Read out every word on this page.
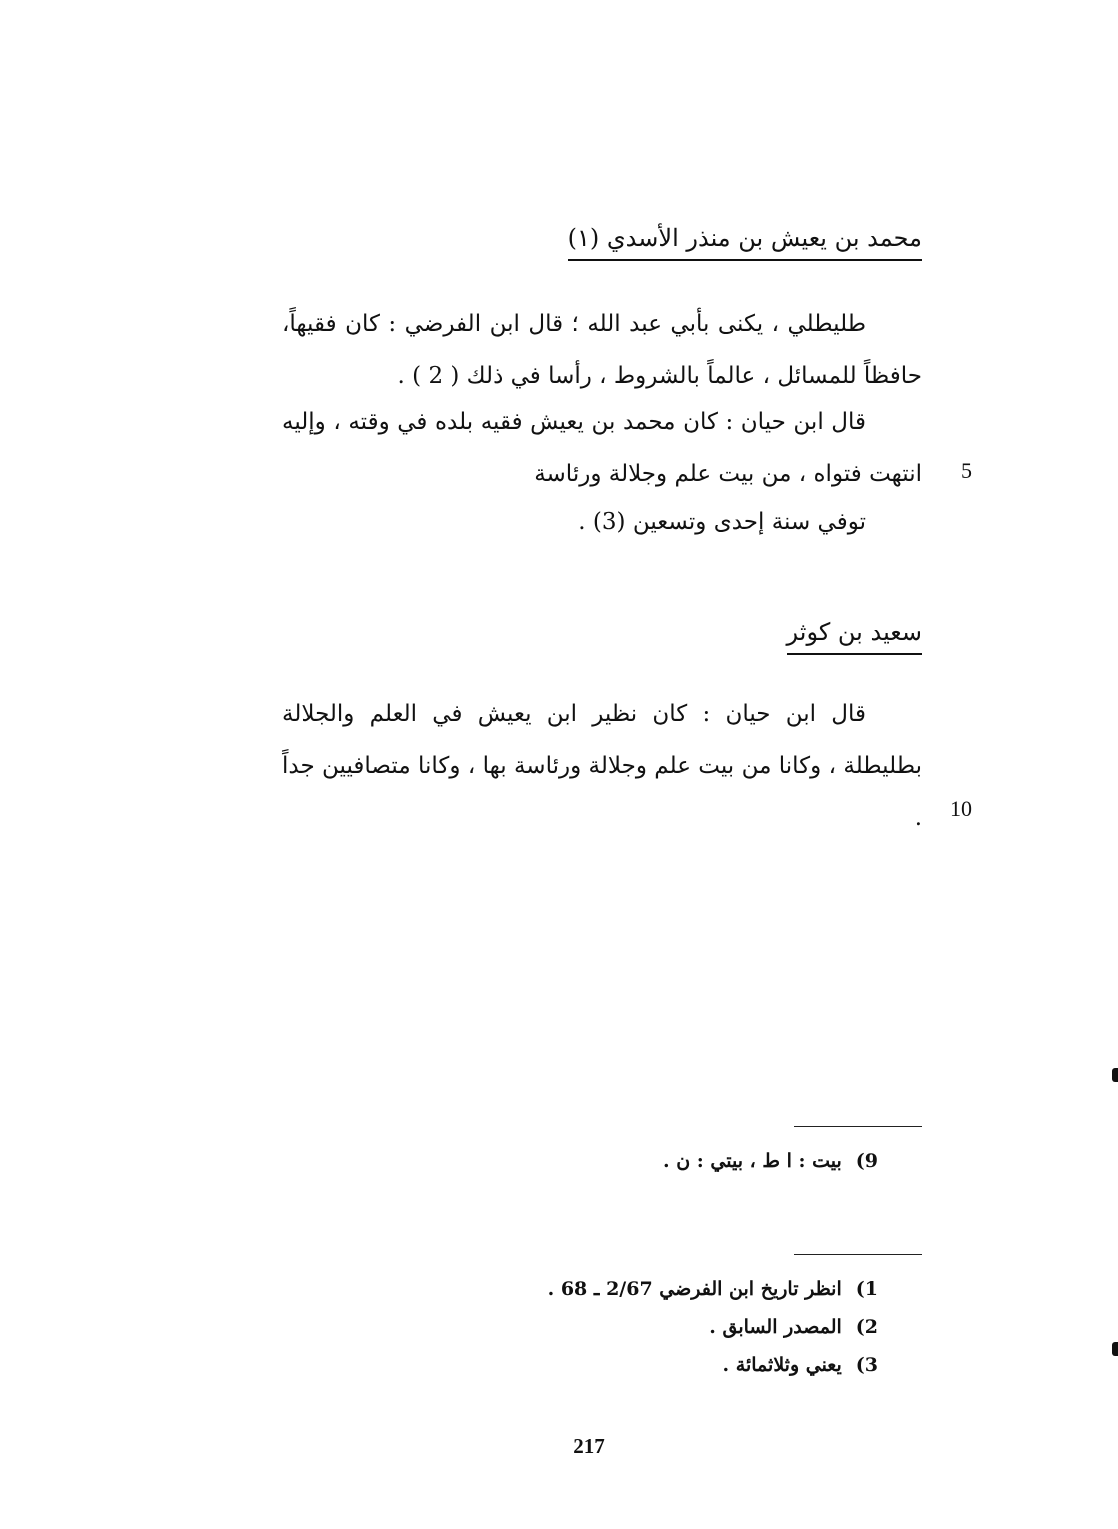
محمد بن يعيش بن منذر الأسدي (۱)

طليطلي ، يكنى بأبي عبد الله ؛ قال ابن الفرضي : كان فقيهاً، حافظاً للمسائل ، عالماً بالشروط ، رأسا في ذلك ( 2 ) .

قال ابن حيان : كان محمد بن يعيش فقيه بلده في وقته ، وإليه انتهت فتواه ، من بيت علم وجلالة ورئاسة

توفي سنة إحدى وتسعين (3) .

5
سعيد بن كوثر

قال ابن حيان : كان نظير ابن يعيش في العلم والجلالة بطليطلة ، وكانا من بيت علم وجلالة ورئاسة بها ، وكانا متصافيين جداً . 10
9)بيت : ا ط ، بيتي : ن .
1)انظر تاريخ ابن الفرضي 2/67 ـ 68 .
2)المصدر السابق .
3)يعني وثلاثمائة .
217
